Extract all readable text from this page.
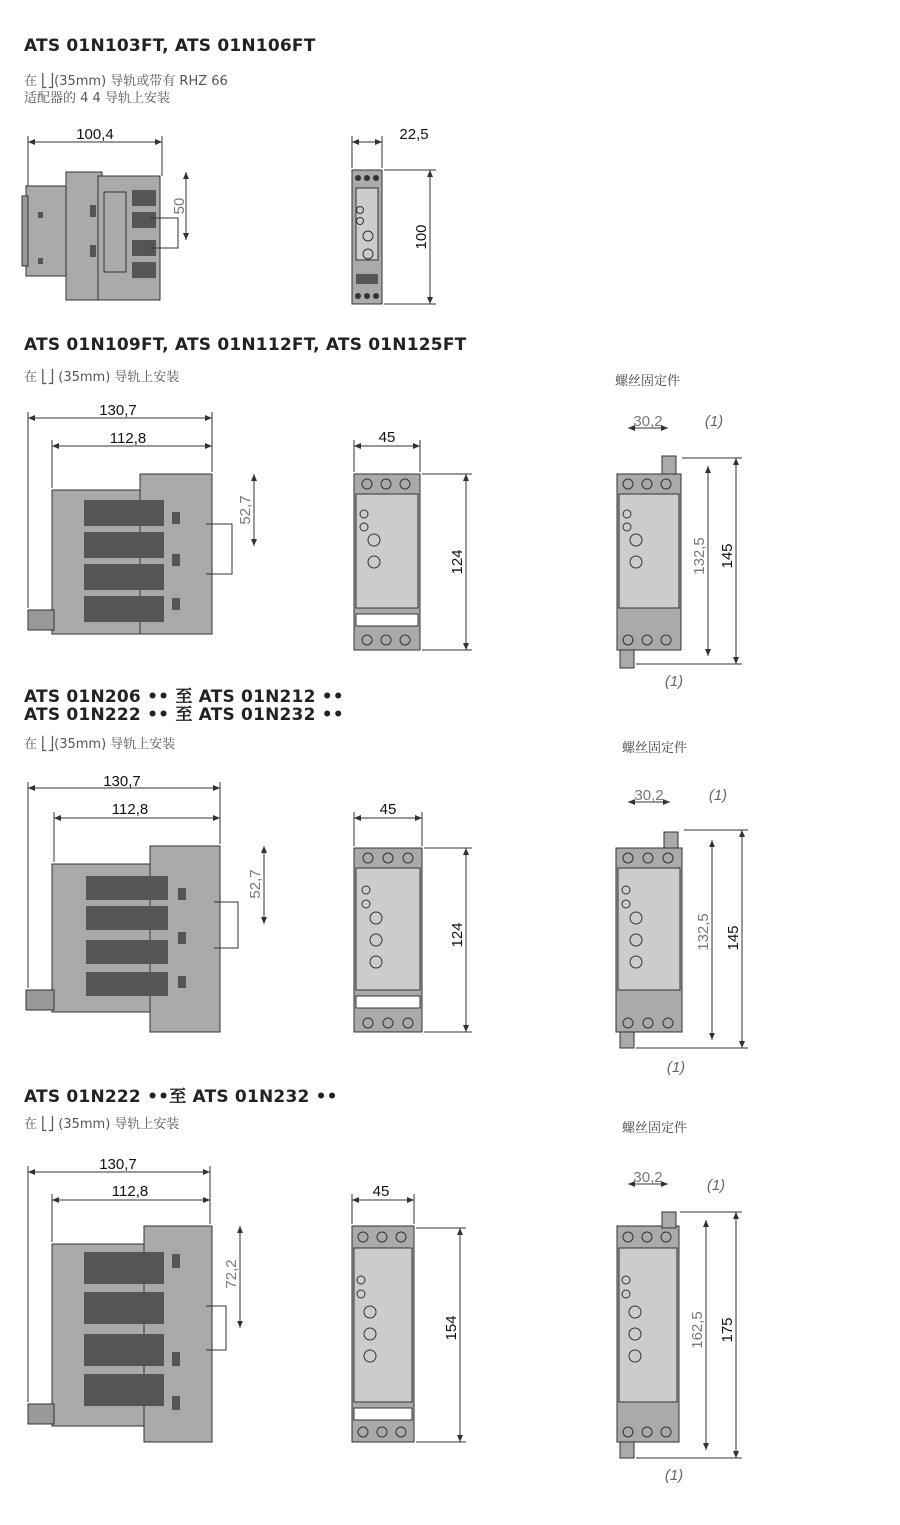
ATS 01N103FT, ATS 01N106FT
在 ⎣⎦(35mm) 导轨或带有 RHZ 66
适配器的 4 4 导轨上安装
100,4
50
22,5
100
ATS 01N109FT, ATS 01N112FT, ATS 01N125FT
在 ⎣⎦ (35mm) 导轨上安装	螺丝固定件
130,7
112,8
52,7
45
124
30,2
132,5 145
(1)
(1)
ATS 01N206 •• 至 ATS 01N212 ••
ATS 01N222 •• 至 ATS 01N232 ••
在 ⎣⎦(35mm) 导轨上安装	螺丝固定件
130,7
112,8
52,7
45
124
30,2
132,5 145
(1)
(1)
ATS 01N222 ••至 ATS 01N232 ••
在 ⎣⎦ (35mm) 导轨上安装	螺丝固定件
130,7
112,8
72,2
45
154
30,2
162,5 175
(1)
(1)
